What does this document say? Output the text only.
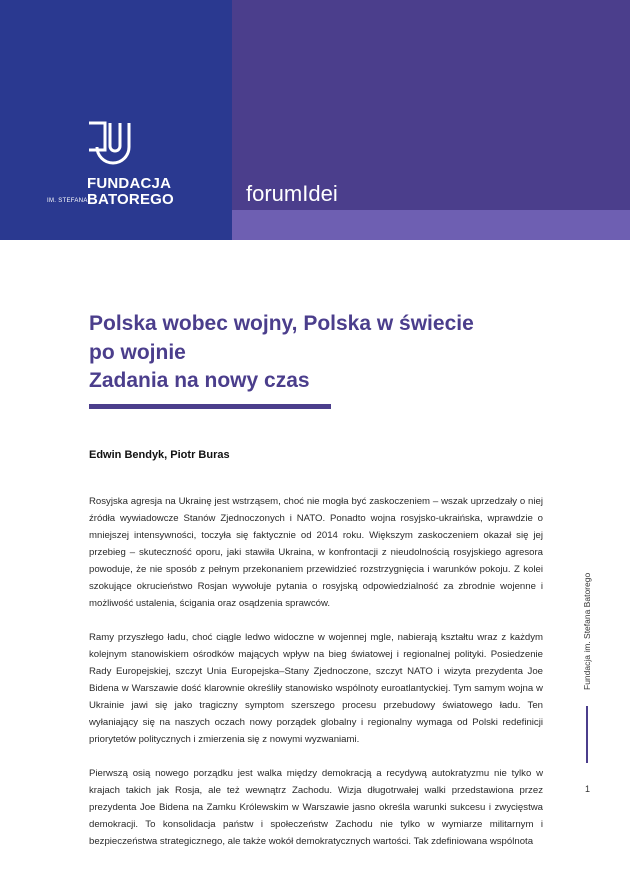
IM. STEFANA
FUNDACJA
BATOREGO	forumIdei
Polska wobec wojny, Polska w świecie
po wojnie
Zadania na nowy czas
Edwin Bendyk, Piotr Buras

Rosyjska agresja na Ukrainę jest wstrząsem, choć nie mogła być zaskoczeniem – wszak uprzedzały o niej źródła wywiadowcze Stanów Zjednoczonych i NATO. Ponadto wojna rosyjsko-ukraińska, wprawdzie o mniejszej intensywności, toczyła się faktycznie od 2014 roku. Większym zaskoczeniem okazał się jej przebieg – skuteczność oporu, jaki stawiła Ukraina, w konfrontacji z nieudolnością rosyjskiego agresora powoduje, że nie sposób z pełnym przekonaniem przewidzieć rozstrzygnięcia i warunków pokoju. Z kolei szokujące okrucieństwo Rosjan wywołuje pytania o rosyjską odpowiedzialność za zbrodnie wojenne i możliwość ustalenia, ścigania oraz osądzenia sprawców.

Ramy przyszłego ładu, choć ciągle ledwo widoczne w wojennej mgle, nabierają kształtu wraz z każdym kolejnym stanowiskiem ośrodków mających wpływ na bieg światowej i regionalnej polityki. Posiedzenie Rady Europejskiej, szczyt Unia Europejska–Stany Zjednoczone, szczyt NATO i wizyta prezydenta Joe Bidena w Warszawie dość klarownie określiły stanowisko wspólnoty euroatlantyckiej. Tym samym wojna w Ukrainie jawi się jako tragiczny symptom szerszego procesu przebudowy światowego ładu. Ten wyłaniający się na naszych oczach nowy porządek globalny i regionalny wymaga od Polski redefinicji priorytetów politycznych i zmierzenia się z nowymi wyzwaniami.

Pierwszą osią nowego porządku jest walka między demokracją a recydywą autokratyzmu nie tylko w krajach takich jak Rosja, ale też wewnątrz Zachodu. Wizja długotrwałej walki przedstawiona przez prezydenta Joe Bidena na Zamku Królewskim w Warszawie jasno określa warunki sukcesu i zwycięstwa demokracji. To konsolidacja państw i społeczeństw Zachodu nie tylko w wymiarze militarnym i bezpieczeństwa strategicznego, ale także wokół demokratycznych wartości. Tak zdefiniowana wspólnota

Fundacja im. Stefana Batorego
1
